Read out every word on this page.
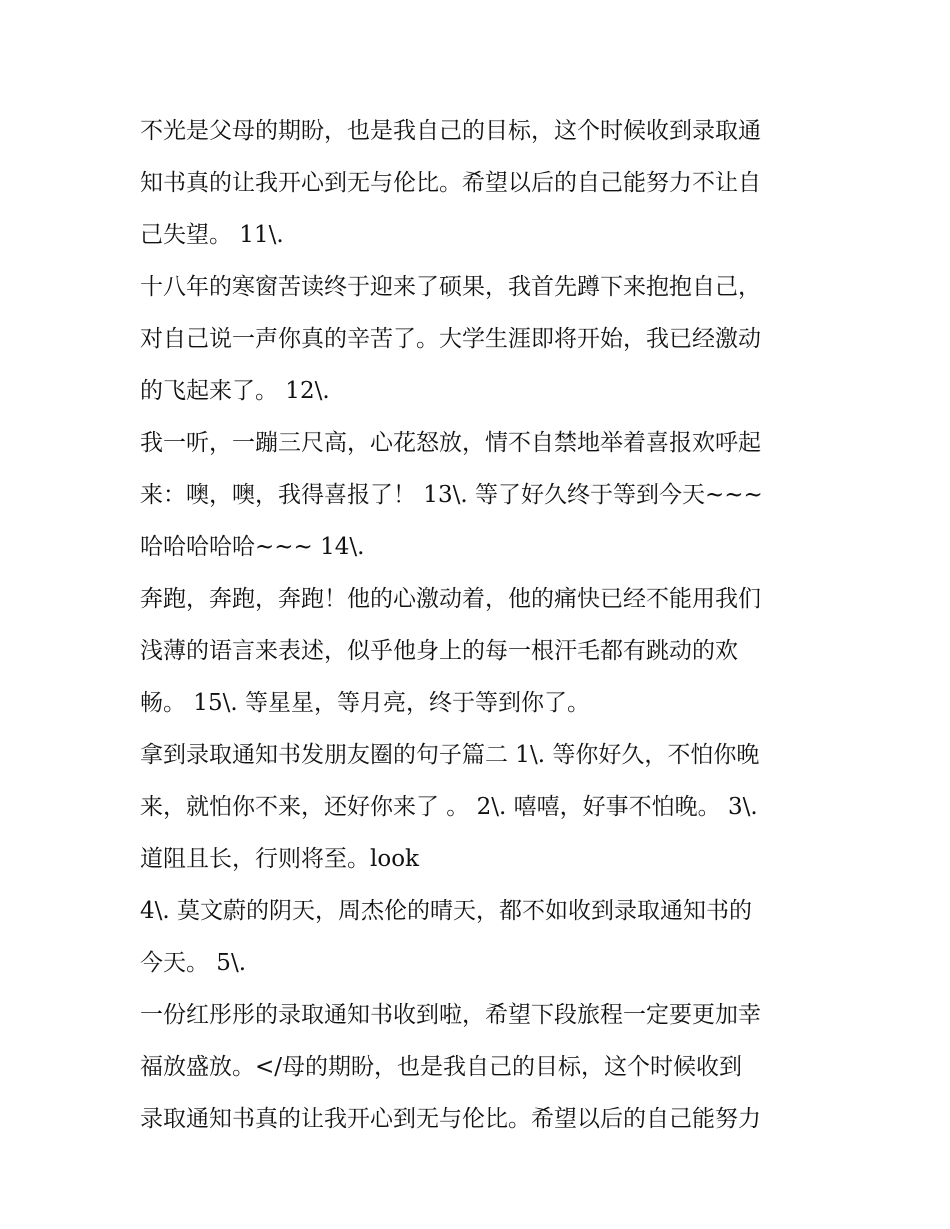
不光是父母的期盼，也是我自己的目标，这个时候收到录取通
知书真的让我开心到无与伦比。希望以后的自己能努力不让自
己失望。 11\.
十八年的寒窗苦读终于迎来了硕果，我首先蹲下来抱抱自己，
对自己说一声你真的辛苦了。大学生涯即将开始，我已经激动
的飞起来了。 12\.
我一听，一蹦三尺高，心花怒放，情不自禁地举着喜报欢呼起
来：噢，噢，我得喜报了！ 13\. 等了好久终于等到今天~~~
哈哈哈哈哈~~~ 14\.
奔跑，奔跑，奔跑！他的心激动着，他的痛快已经不能用我们
浅薄的语言来表述，似乎他身上的每一根汗毛都有跳动的欢
畅。 15\. 等星星，等月亮，终于等到你了。
拿到录取通知书发朋友圈的句子篇二 1\. 等你好久，不怕你晚
来，就怕你不来，还好你来了 。 2\. 嘻嘻，好事不怕晚。 3\.
道阻且长，行则将至。look
4\. 莫文蔚的阴天，周杰伦的晴天，都不如收到录取通知书的
今天。 5\.
一份红彤彤的录取通知书收到啦，希望下段旅程一定要更加幸
福放盛放。</母的期盼，也是我自己的目标，这个时候收到
录取通知书真的让我开心到无与伦比。希望以后的自己能努力
